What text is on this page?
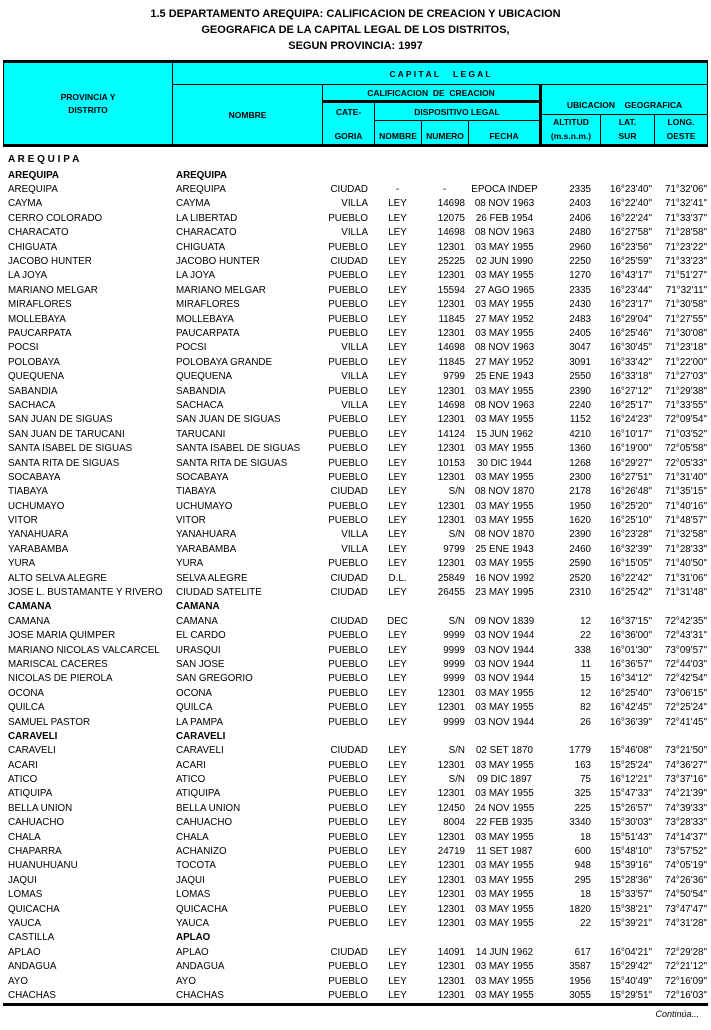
1.5 DEPARTAMENTO AREQUIPA: CALIFICACION DE CREACION Y UBICACION
GEOGRAFICA DE LA CAPITAL LEGAL DE LOS DISTRITOS,
SEGUN PROVINCIA: 1997
PROVINCIA Y
DISTRITO
C A P I T A L      L E G A L
NOMBRE
CALIFICACION  DE  CREACION
CATE-
GORIA
DISPOSITIVO LEGAL
NOMBRE	NUMERO	FECHA
UBICACION    GEOGRAFICA
ALTITUD
(m.s.n.m.)
LAT.
SUR
LONG.
OESTE
A R E Q U I P A
AREQUIPA	AREQUIPA
AREQUIPA	AREQUIPA	CIUDAD	-	-	EPOCA INDEP	2335	16°23'40"	71°32'06"
CAYMA	CAYMA	VILLA	LEY	14698	08 NOV 1963	2403	16°22'40"	71°32'41"
CERRO COLORADO	LA LIBERTAD	PUEBLO	LEY	12075	26 FEB 1954	2406	16°22'24"	71°33'37"
CHARACATO	CHARACATO	VILLA	LEY	14698	08 NOV 1963	2480	16°27'58"	71°28'58"
CHIGUATA	CHIGUATA	PUEBLO	LEY	12301	03 MAY 1955	2960	16°23'56"	71°23'22"
JACOBO HUNTER	JACOBO HUNTER	CIUDAD	LEY	25225	02 JUN 1990	2250	16°25'59"	71°33'23"
LA JOYA	LA JOYA	PUEBLO	LEY	12301	03 MAY 1955	1270	16°43'17"	71°51'27"
MARIANO MELGAR	MARIANO MELGAR	PUEBLO	LEY	15594	27 AGO 1965	2335	16°23'44"	71°32'11"
MIRAFLORES	MIRAFLORES	PUEBLO	LEY	12301	03 MAY 1955	2430	16°23'17"	71°30'58"
MOLLEBAYA	MOLLEBAYA	PUEBLO	LEY	11845	27 MAY 1952	2483	16°29'04"	71°27'55"
PAUCARPATA	PAUCARPATA	PUEBLO	LEY	12301	03 MAY 1955	2405	16°25'46"	71°30'08"
POCSI	POCSI	VILLA	LEY	14698	08 NOV 1963	3047	16°30'45"	71°23'18"
POLOBAYA	POLOBAYA GRANDE	PUEBLO	LEY	11845	27 MAY 1952	3091	16°33'42"	71°22'00"
QUEQUEÑA	QUEQUEÑA	VILLA	LEY	9799	25 ENE 1943	2550	16°33'18"	71°27'03"
SABANDIA	SABANDIA	PUEBLO	LEY	12301	03 MAY 1955	2390	16°27'12"	71°29'38"
SACHACA	SACHACA	VILLA	LEY	14698	08 NOV 1963	2240	16°25'17"	71°33'55"
SAN JUAN DE SIGUAS	SAN JUAN DE SIGUAS	PUEBLO	LEY	12301	03 MAY 1955	1152	16°24'23"	72°09'54"
SAN JUAN DE TARUCANI	TARUCANI	PUEBLO	LEY	14124	15 JUN 1962	4210	16°10'17"	71°03'52"
SANTA ISABEL DE SIGUAS	SANTA ISABEL DE SIGUAS	PUEBLO	LEY	12301	03 MAY 1955	1360	16°19'00"	72°05'58"
SANTA RITA DE SIGUAS	SANTA RITA DE SIGUAS	PUEBLO	LEY	10153	30 DIC 1944	1268	16°29'27"	72°05'33"
SOCABAYA	SOCABAYA	PUEBLO	LEY	12301	03 MAY 1955	2300	16°27'51"	71°31'40"
TIABAYA	TIABAYA	CIUDAD	LEY	S/N	08 NOV 1870	2178	16°26'48"	71°35'15"
UCHUMAYO	UCHUMAYO	PUEBLO	LEY	12301	03 MAY 1955	1950	16°25'20"	71°40'16"
VITOR	VITOR	PUEBLO	LEY	12301	03 MAY 1955	1620	16°25'10"	71°48'57"
YANAHUARA	YANAHUARA	VILLA	LEY	S/N	08 NOV 1870	2390	16°23'28"	71°32'58"
YARABAMBA	YARABAMBA	VILLA	LEY	9799	25 ENE 1943	2460	16°32'39"	71°28'33"
YURA	YURA	PUEBLO	LEY	12301	03 MAY 1955	2590	16°15'05"	71°40'50"
ALTO SELVA ALEGRE	SELVA ALEGRE	CIUDAD	D.L.	25849	16 NOV 1992	2520	16°22'42"	71°31'06"
JOSE L. BUSTAMANTE Y RIVERO	CIUDAD SATELITE	CIUDAD	LEY	26455	23 MAY 1995	2310	16°25'42"	71°31'48"
CAMANA	CAMANA
CAMANA	CAMANA	CIUDAD	DEC	S/N	09 NOV 1839	12	16°37'15"	72°42'35"
JOSE MARIA QUIMPER	EL CARDO	PUEBLO	LEY	9999	03 NOV 1944	22	16°36'00"	72°43'31"
MARIANO NICOLAS VALCARCEL	URASQUI	PUEBLO	LEY	9999	03 NOV 1944	338	16°01'30"	73°09'57"
MARISCAL CACERES	SAN JOSE	PUEBLO	LEY	9999	03 NOV 1944	11	16°36'57"	72°44'03"
NICOLAS DE PIEROLA	SAN GREGORIO	PUEBLO	LEY	9999	03 NOV 1944	15	16°34'12"	72°42'54"
OCOÑA	OCOÑA	PUEBLO	LEY	12301	03 MAY 1955	12	16°25'40"	73°06'15"
QUILCA	QUILCA	PUEBLO	LEY	12301	03 MAY 1955	82	16°42'45"	72°25'24"
SAMUEL PASTOR	LA PAMPA	PUEBLO	LEY	9999	03 NOV 1944	26	16°36'39"	72°41'45"
CARAVELI	CARAVELI
CARAVELI	CARAVELI	CIUDAD	LEY	S/N	02 SET 1870	1779	15°46'08"	73°21'50"
ACARI	ACARI	PUEBLO	LEY	12301	03 MAY 1955	163	15°25'24"	74°36'27"
ATICO	ATICO	PUEBLO	LEY	S/N	09 DIC 1897	75	16°12'21"	73°37'16"
ATIQUIPA	ATIQUIPA	PUEBLO	LEY	12301	03 MAY 1955	325	15°47'33"	74°21'39"
BELLA UNION	BELLA UNION	PUEBLO	LEY	12450	24 NOV 1955	225	15°26'57"	74°39'33"
CAHUACHO	CAHUACHO	PUEBLO	LEY	8004	22 FEB 1935	3340	15°30'03"	73°28'33"
CHALA	CHALA	PUEBLO	LEY	12301	03 MAY 1955	18	15°51'43"	74°14'37"
CHAPARRA	ACHANIZO	PUEBLO	LEY	24719	11 SET 1987	600	15°48'10"	73°57'52"
HUANUHUANU	TOCOTA	PUEBLO	LEY	12301	03 MAY 1955	948	15°39'16"	74°05'19"
JAQUI	JAQUI	PUEBLO	LEY	12301	03 MAY 1955	295	15°28'36"	74°26'36"
LOMAS	LOMAS	PUEBLO	LEY	12301	03 MAY 1955	18	15°33'57"	74°50'54"
QUICACHA	QUICACHA	PUEBLO	LEY	12301	03 MAY 1955	1820	15°38'21"	73°47'47"
YAUCA	YAUCA	PUEBLO	LEY	12301	03 MAY 1955	22	15°39'21"	74°31'28"
CASTILLA	APLAO
APLAO	APLAO	CIUDAD	LEY	14091	14 JUN 1962	617	16°04'21"	72°29'28"
ANDAGUA	ANDAGUA	PUEBLO	LEY	12301	03 MAY 1955	3587	15°29'42"	72°21'12"
AYO	AYO	PUEBLO	LEY	12301	03 MAY 1955	1956	15°40'49"	72°16'09"
CHACHAS	CHACHAS	PUEBLO	LEY	12301	03 MAY 1955	3055	15°29'51"	72°16'03"
Continúa...
